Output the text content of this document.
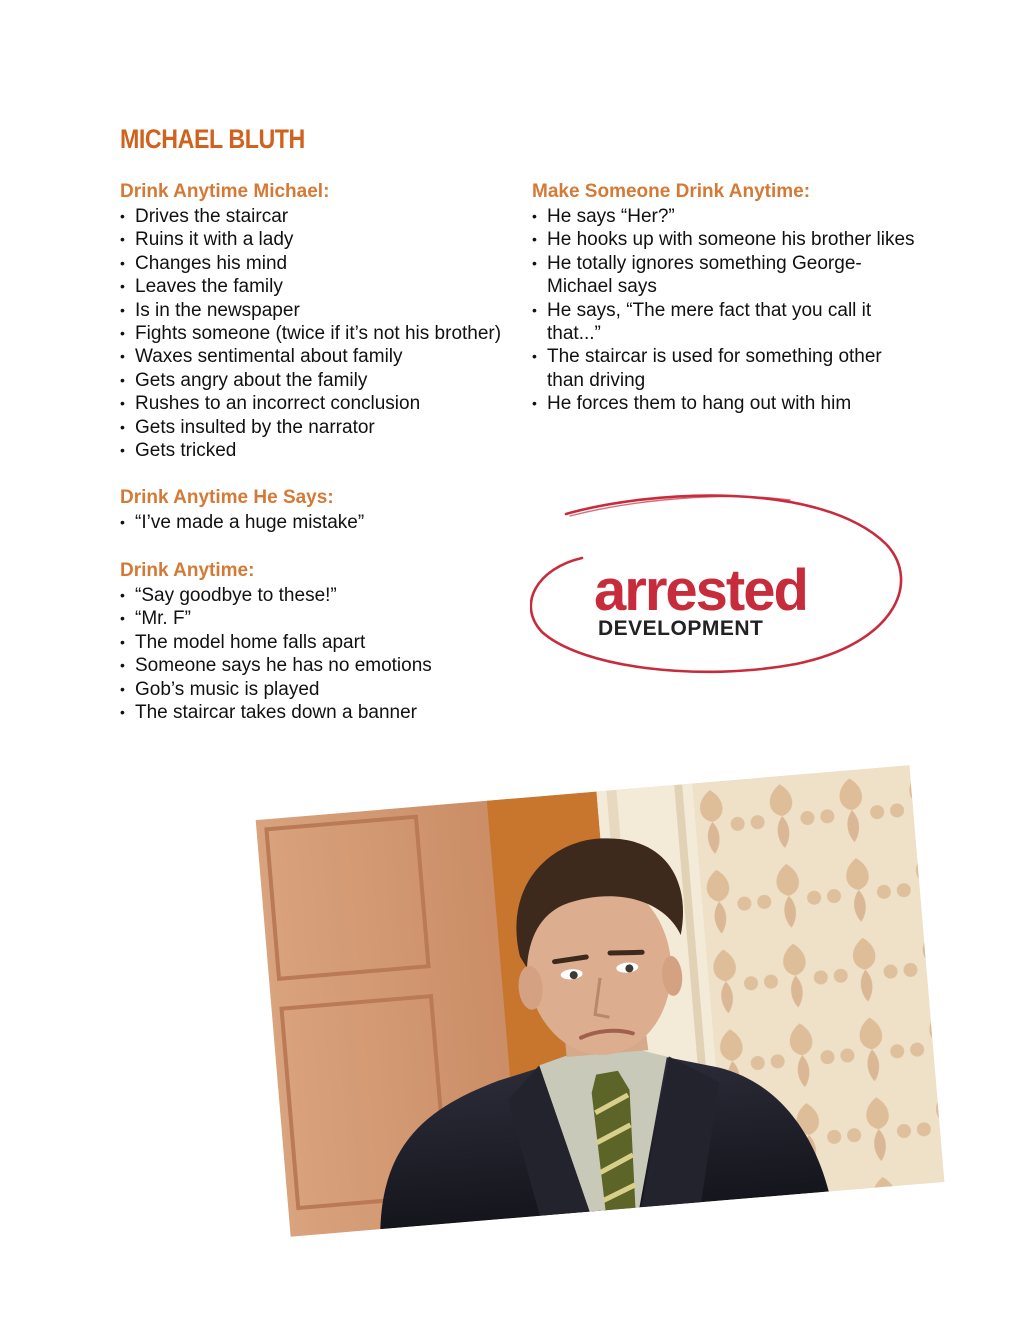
MICHAEL BLUTH
Drink Anytime Michael:
• Drives the staircar
• Ruins it with a lady
• Changes his mind
• Leaves the family
• Is in the newspaper
• Fights someone (twice if it’s not his brother)
• Waxes sentimental about family
• Gets angry about the family
• Rushes to an incorrect conclusion
• Gets insulted by the narrator
• Gets tricked
Drink Anytime He Says:
• “I’ve made a huge mistake”
Drink Anytime:
• “Say goodbye to these!”
• “Mr. F”
• The model home falls apart
• Someone says he has no emotions
• Gob’s music is played
• The staircar takes down a banner
Make Someone Drink Anytime:
• He says “Her?”
• He hooks up with someone his brother likes
• He totally ignores something George-Michael says
• He says, “The mere fact that you call it that...”
• The staircar is used for something other than driving
• He forces them to hang out with him
arrested
DEVELOPMENT
